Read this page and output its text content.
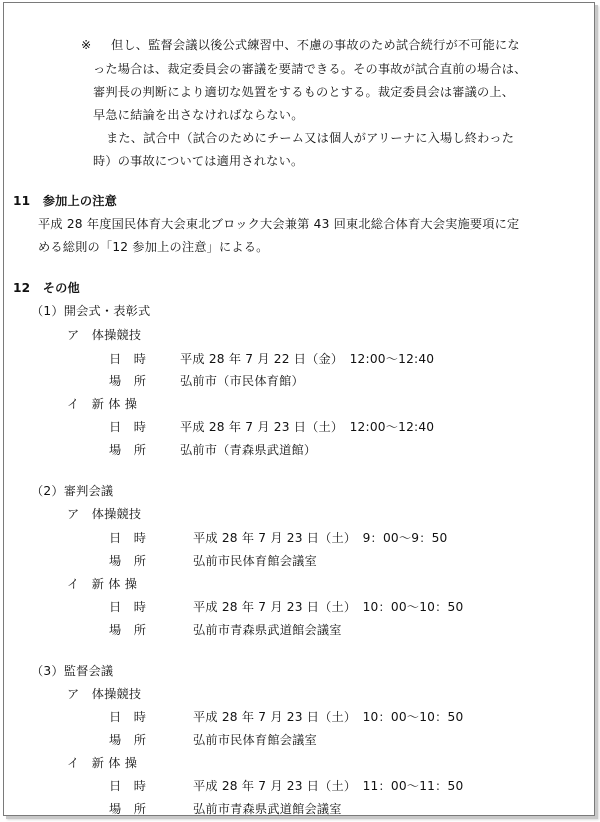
※ 但し、監督会議以後公式練習中、不慮の事故のため試合続行が不可能にな
った場合は、裁定委員会の審議を要請できる。その事故が試合直前の場合は、
審判長の判断により適切な処置をするものとする。裁定委員会は審議の上、
早急に結論を出さなければならない。
また、試合中（試合のためにチーム又は個人がアリーナに入場し終わった
時）の事故については適用されない。
11　参加上の注意
平成 28 年度国民体育大会東北ブロック大会兼第 43 回東北総合体育大会実施要項に定
める総則の「12 参加上の注意」による。
12　その他
（1）開会式・表彰式
ア　体操競技
日　時	平成 28 年 7 月 22 日（金）　12:00～12:40
場　所	弘前市（市民体育館）
イ　新 体 操
日　時	平成 28 年 7 月 23 日（土）　12:00～12:40
場　所	弘前市（青森県武道館）
（2）審判会議
ア　体操競技
日　時	平成 28 年 7 月 23 日（土）　9：00～9：50
場　所	弘前市民体育館会議室
イ　新 体 操
日　時	平成 28 年 7 月 23 日（土）　10：00～10：50
場　所	弘前市青森県武道館会議室
（3）監督会議
ア　体操競技
日　時	平成 28 年 7 月 23 日（土）　10：00～10：50
場　所	弘前市民体育館会議室
イ　新 体 操
日　時	平成 28 年 7 月 23 日（土）　11：00～11：50
場　所	弘前市青森県武道館会議室
